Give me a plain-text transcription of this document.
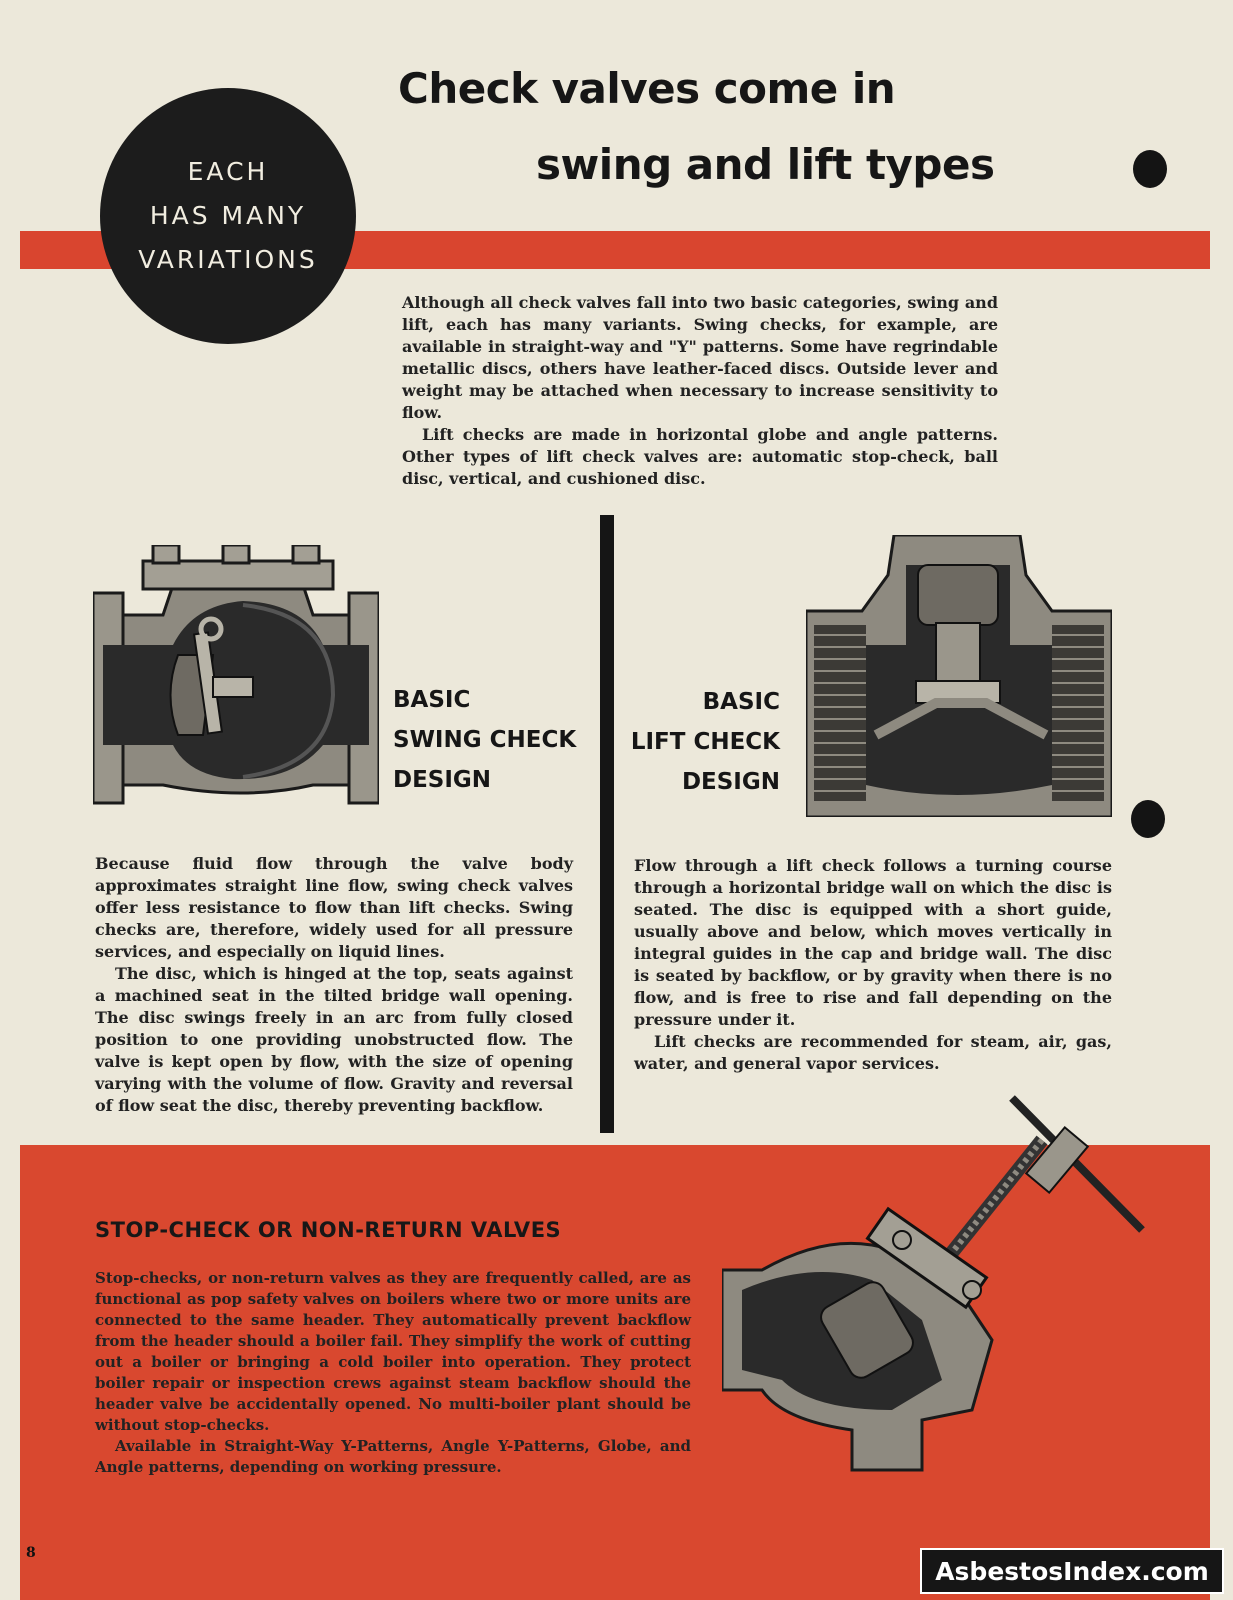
Check valves come in
swing and lift types
EACH
HAS MANY
VARIATIONS

Although all check valves fall into two basic categories, swing and lift, each has many variants. Swing checks, for example, are available in straight-way and "Y" patterns. Some have regrindable metallic discs, others have leather-faced discs. Outside lever and weight may be attached when necessary to increase sensitivity to flow.

Lift checks are made in horizontal globe and angle patterns. Other types of lift check valves are: automatic stop-check, ball disc, vertical, and cushioned disc.

BASIC
SWING CHECK
DESIGN
BASIC
LIFT CHECK
DESIGN

Because fluid flow through the valve body approximates straight line flow, swing check valves offer less resistance to flow than lift checks. Swing checks are, therefore, widely used for all pressure services, and especially on liquid lines.

The disc, which is hinged at the top, seats against a machined seat in the tilted bridge wall opening. The disc swings freely in an arc from fully closed position to one providing unobstructed flow. The valve is kept open by flow, with the size of opening varying with the volume of flow. Gravity and reversal of flow seat the disc, thereby preventing backflow.

Flow through a lift check follows a turning course through a horizontal bridge wall on which the disc is seated. The disc is equipped with a short guide, usually above and below, which moves vertically in integral guides in the cap and bridge wall. The disc is seated by backflow, or by gravity when there is no flow, and is free to rise and fall depending on the pressure under it.

Lift checks are recommended for steam, air, gas, water, and general vapor services.

STOP-CHECK OR NON-RETURN VALVES

Stop-checks, or non-return valves as they are frequently called, are as functional as pop safety valves on boilers where two or more units are connected to the same header. They automatically prevent backflow from the header should a boiler fail. They simplify the work of cutting out a boiler or bringing a cold boiler into operation. They protect boiler repair or inspection crews against steam backflow should the header valve be accidentally opened. No multi-boiler plant should be without stop-checks.

Available in Straight-Way Y-Patterns, Angle Y-Patterns, Globe, and Angle patterns, depending on working pressure.

8
AsbestosIndex.com
